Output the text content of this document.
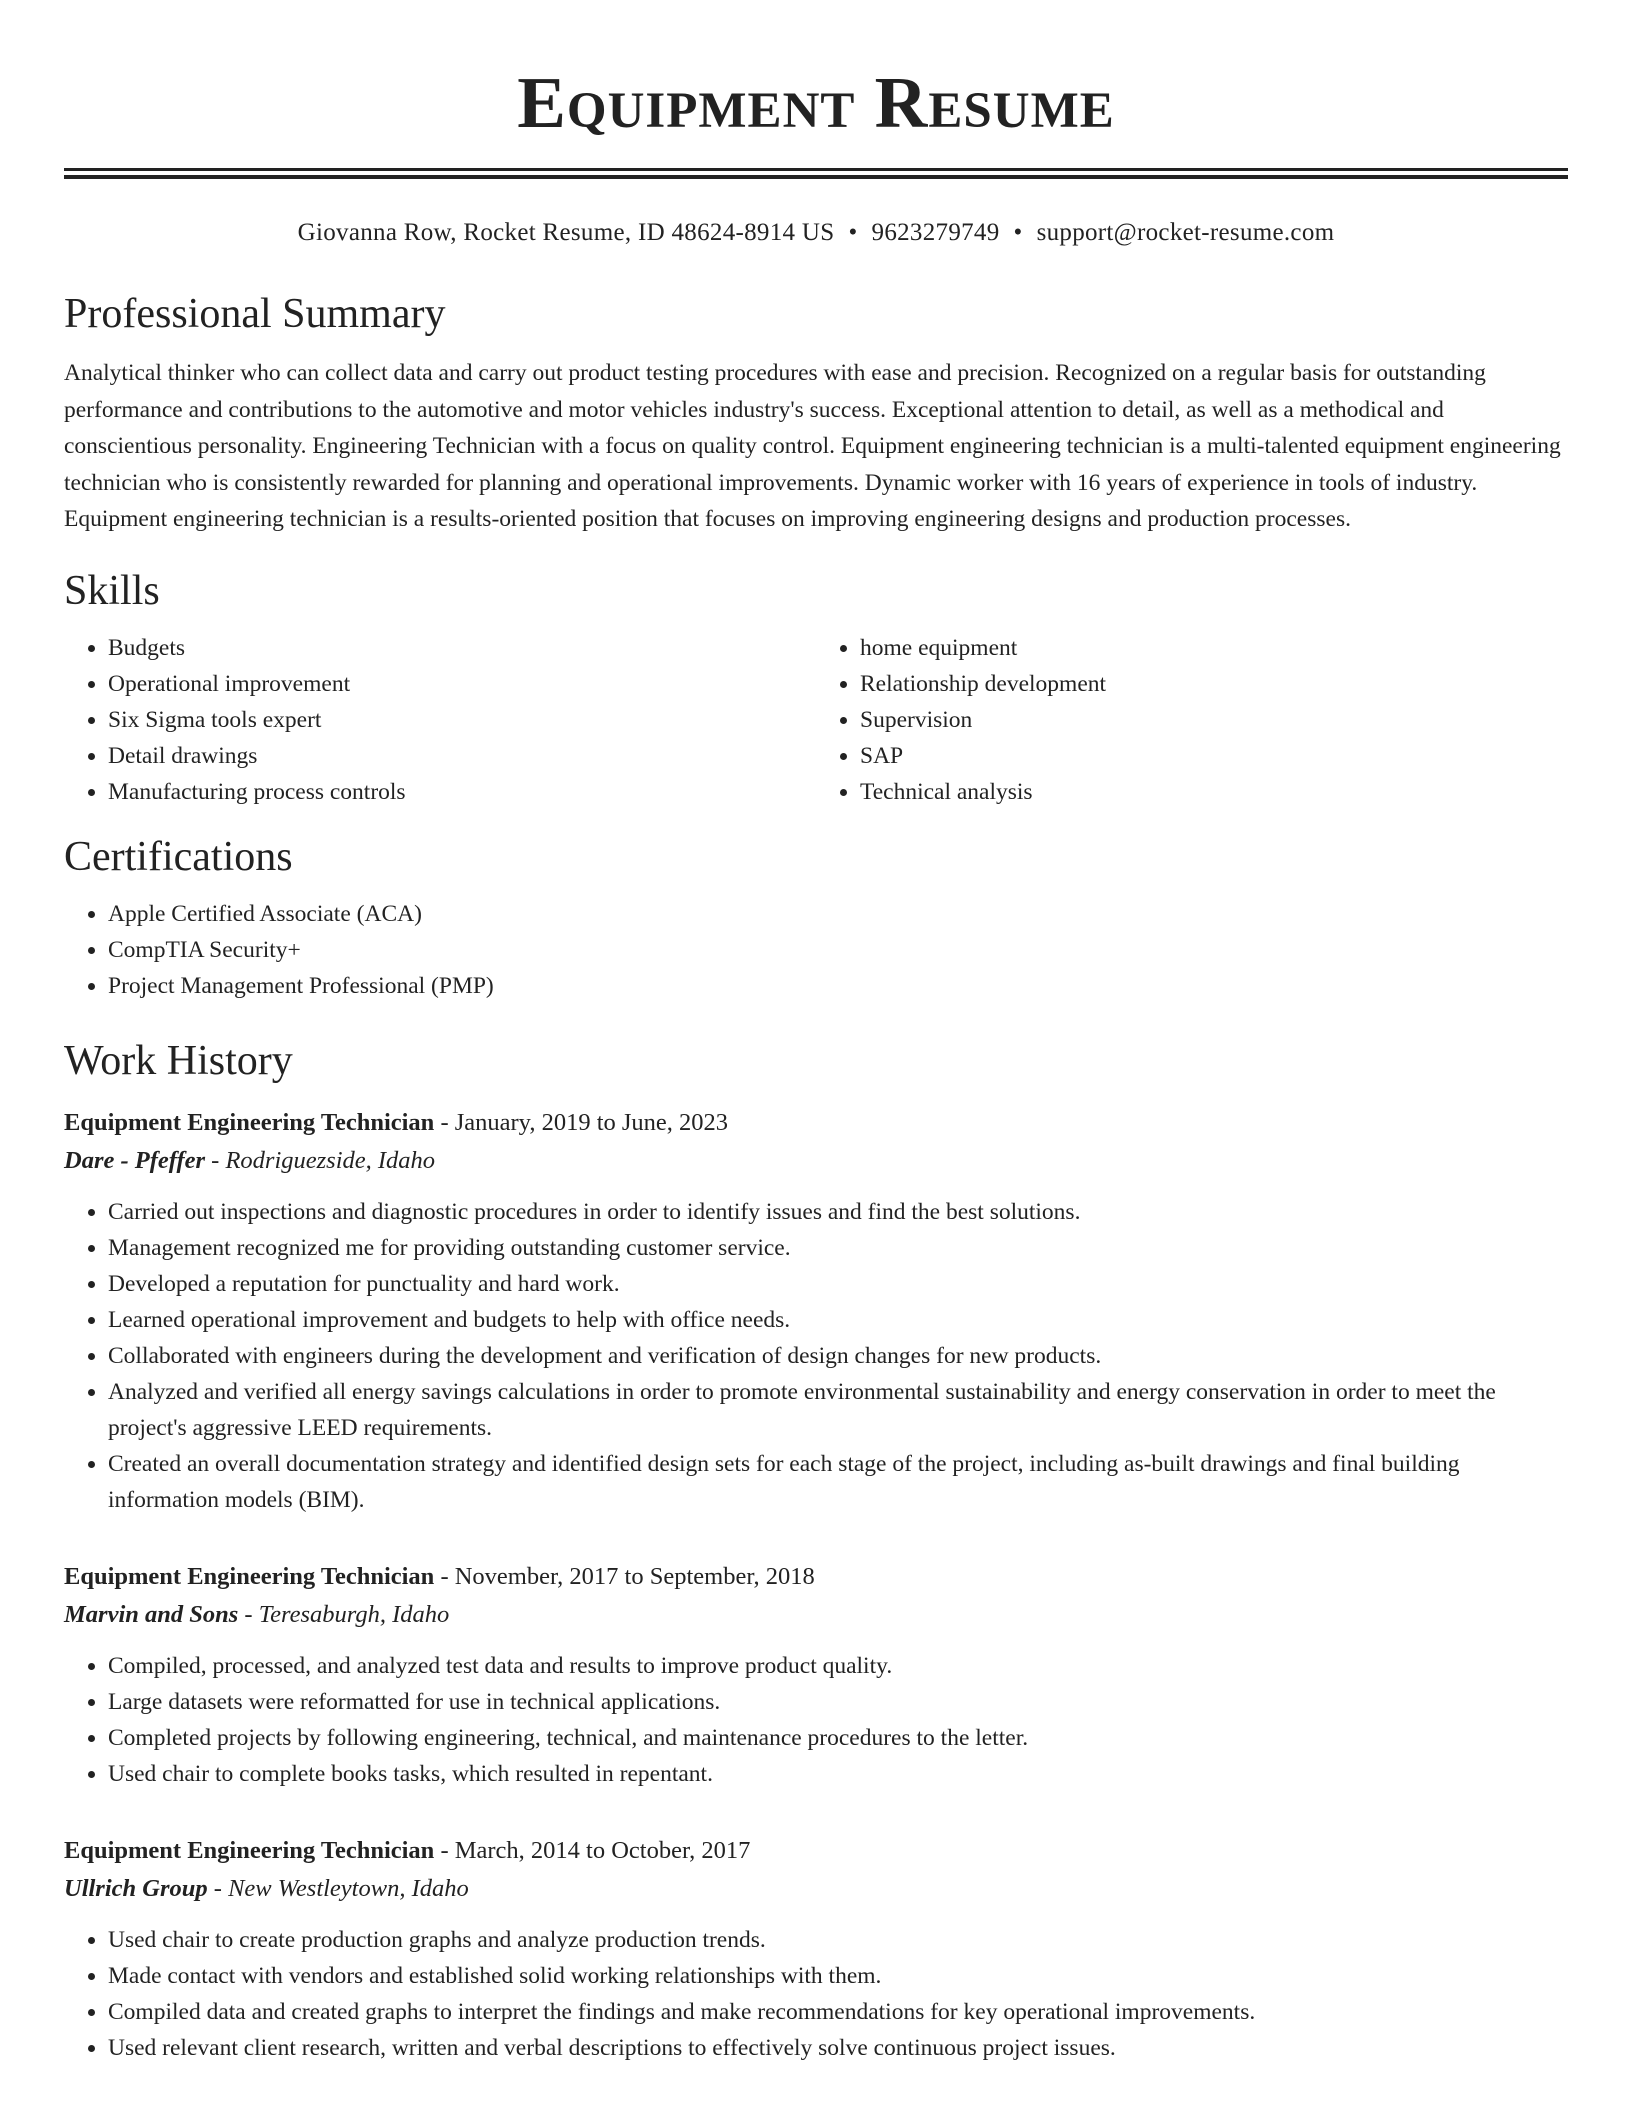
Equipment Resume
Giovanna Row, Rocket Resume, ID 48624-8914 US • 9623279749 • support@rocket-resume.com
Professional Summary

Analytical thinker who can collect data and carry out product testing procedures with ease and precision. Recognized on a regular basis for outstanding performance and contributions to the automotive and motor vehicles industry's success. Exceptional attention to detail, as well as a methodical and conscientious personality. Engineering Technician with a focus on quality control. Equipment engineering technician is a multi-talented equipment engineering technician who is consistently rewarded for planning and operational improvements. Dynamic worker with 16 years of experience in tools of industry. Equipment engineering technician is a results-oriented position that focuses on improving engineering designs and production processes.

Skills
• Budgets
• Operational improvement
• Six Sigma tools expert
• Detail drawings
• Manufacturing process controls
• home equipment
• Relationship development
• Supervision
• SAP
• Technical analysis
Certifications
• Apple Certified Associate (ACA)
• CompTIA Security+
• Project Management Professional (PMP)
Work History
Equipment Engineering Technician - January, 2019 to June, 2023
Dare - Pfeffer - Rodriguezside, Idaho
• Carried out inspections and diagnostic procedures in order to identify issues and find the best solutions.
• Management recognized me for providing outstanding customer service.
• Developed a reputation for punctuality and hard work.
• Learned operational improvement and budgets to help with office needs.
• Collaborated with engineers during the development and verification of design changes for new products.
• Analyzed and verified all energy savings calculations in order to promote environmental sustainability and energy conservation in order to meet the project's aggressive LEED requirements.
• Created an overall documentation strategy and identified design sets for each stage of the project, including as-built drawings and final building information models (BIM).
Equipment Engineering Technician - November, 2017 to September, 2018
Marvin and Sons - Teresaburgh, Idaho
• Compiled, processed, and analyzed test data and results to improve product quality.
• Large datasets were reformatted for use in technical applications.
• Completed projects by following engineering, technical, and maintenance procedures to the letter.
• Used chair to complete books tasks, which resulted in repentant.
Equipment Engineering Technician - March, 2014 to October, 2017
Ullrich Group - New Westleytown, Idaho
• Used chair to create production graphs and analyze production trends.
• Made contact with vendors and established solid working relationships with them.
• Compiled data and created graphs to interpret the findings and make recommendations for key operational improvements.
• Used relevant client research, written and verbal descriptions to effectively solve continuous project issues.
